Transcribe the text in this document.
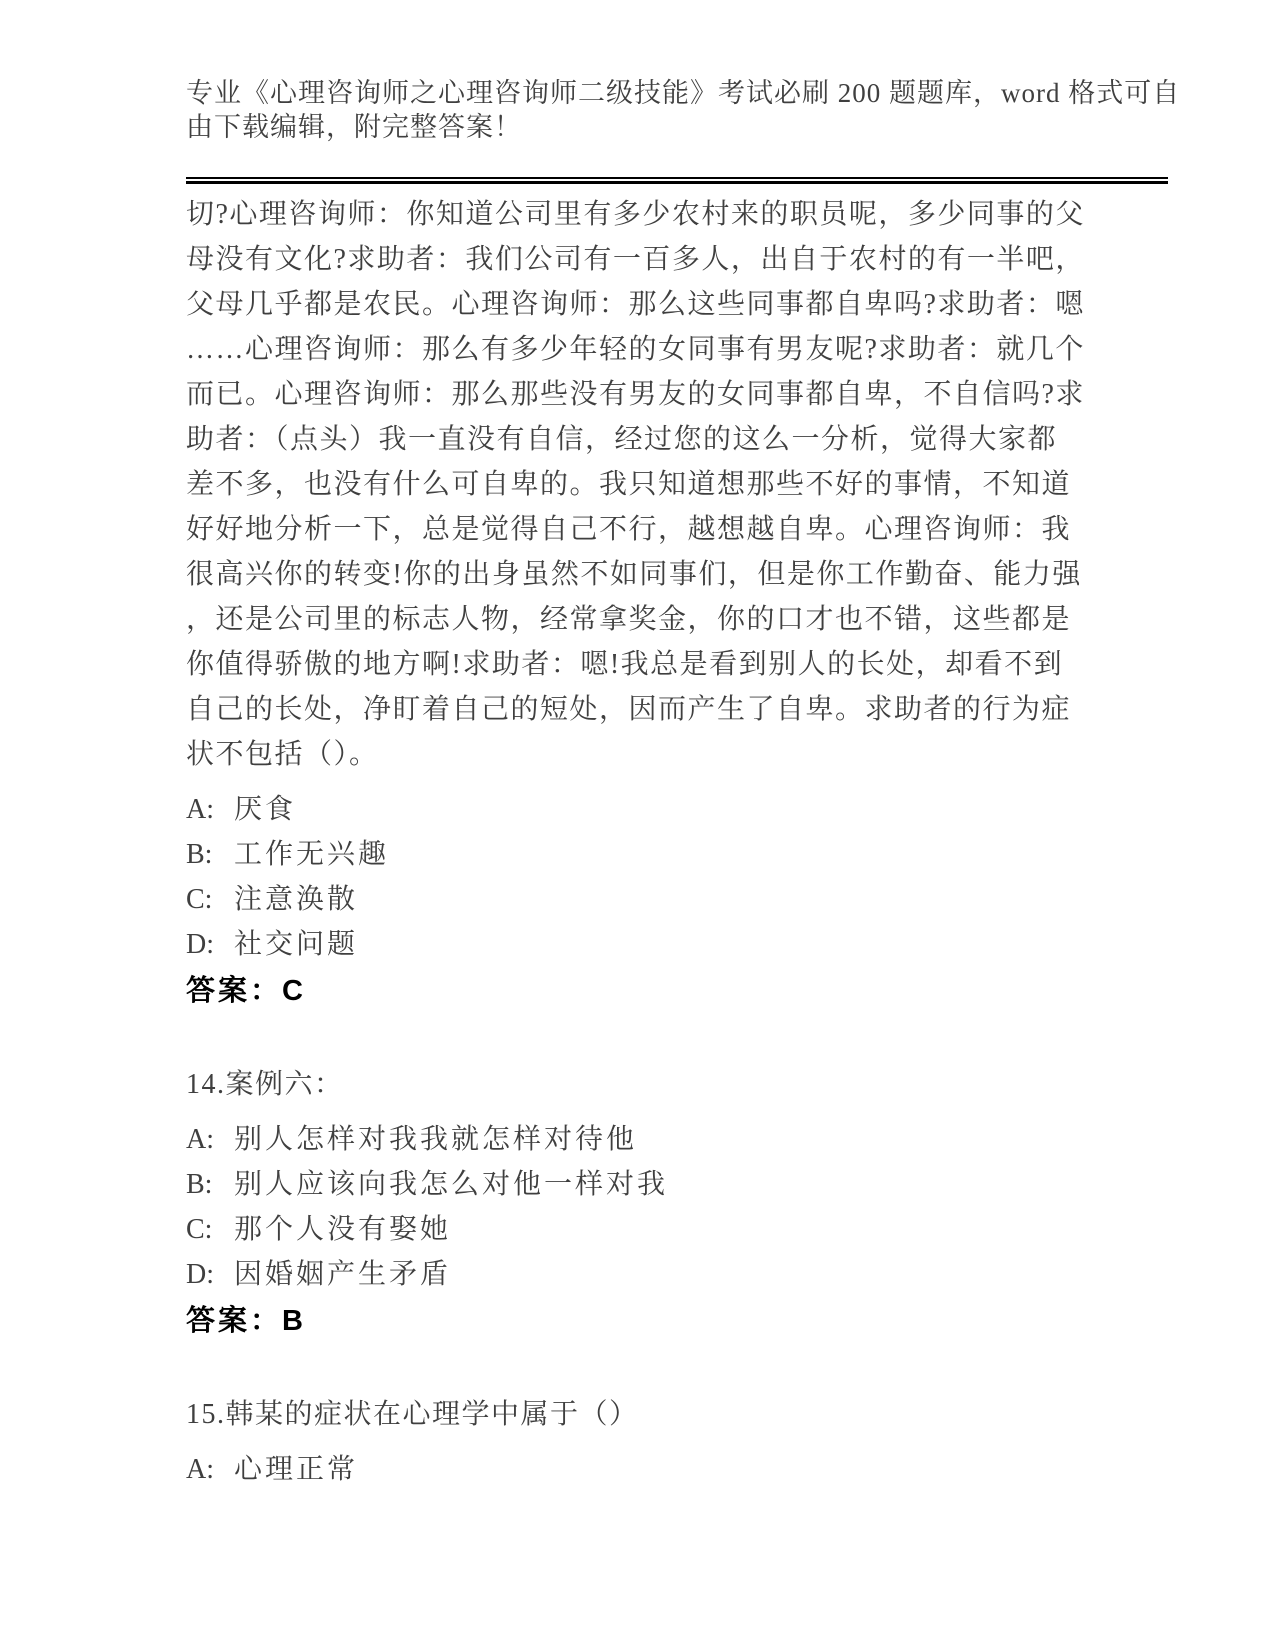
专业《心理咨询师之心理咨询师二级技能》考试必刷 200 题题库，word 格式可自
由下载编辑，附完整答案！
切?心理咨询师：你知道公司里有多少农村来的职员呢，多少同事的父
母没有文化?求助者：我们公司有一百多人，出自于农村的有一半吧，
父母几乎都是农民。心理咨询师：那么这些同事都自卑吗?求助者：嗯
……心理咨询师：那么有多少年轻的女同事有男友呢?求助者：就几个
而已。心理咨询师：那么那些没有男友的女同事都自卑，不自信吗?求
助者：（点头）我一直没有自信，经过您的这么一分析，觉得大家都
差不多，也没有什么可自卑的。我只知道想那些不好的事情，不知道
好好地分析一下，总是觉得自己不行，越想越自卑。心理咨询师：我
很高兴你的转变!你的出身虽然不如同事们，但是你工作勤奋、能力强
，还是公司里的标志人物，经常拿奖金，你的口才也不错，这些都是
你值得骄傲的地方啊!求助者：嗯!我总是看到别人的长处，却看不到
自己的长处，净盯着自己的短处，因而产生了自卑。求助者的行为症
状不包括（）。
A: 厌食
B: 工作无兴趣
C: 注意涣散
D: 社交问题
答案：C
14.案例六：
A: 别人怎样对我我就怎样对待他
B: 别人应该向我怎么对他一样对我
C: 那个人没有娶她
D: 因婚姻产生矛盾
答案：B
15.韩某的症状在心理学中属于（）
A: 心理正常
